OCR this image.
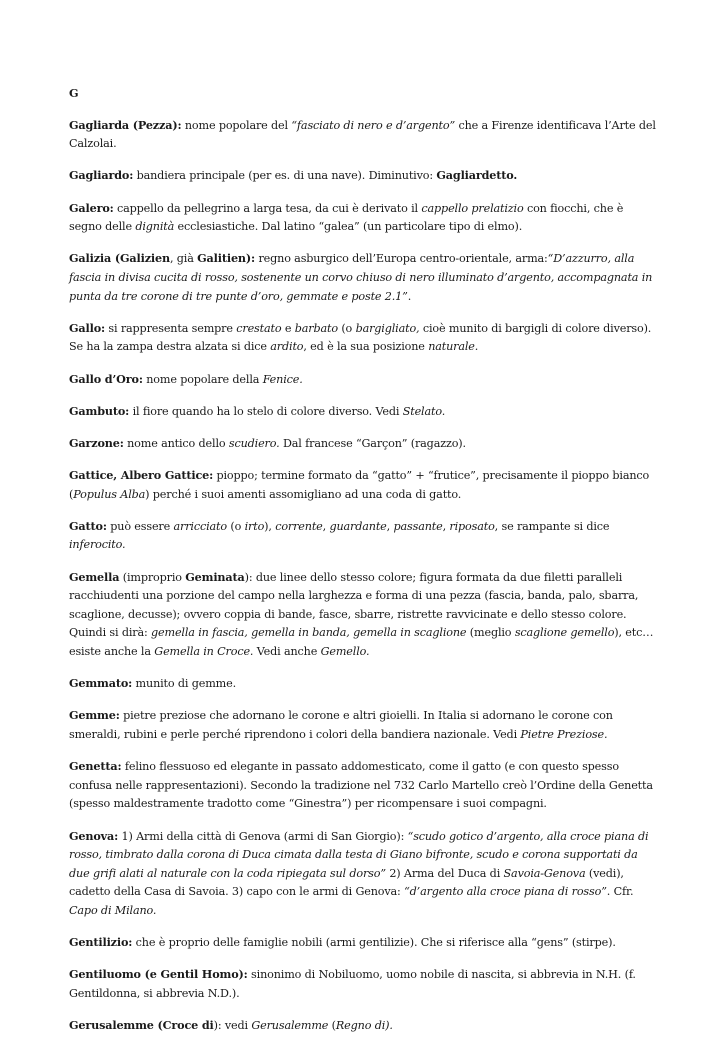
G

Gagliarda (Pezza): nome popolare del “fasciato di nero e d’argento” che a Firenze identificava l’Arte del Calzolai.

Gagliardo: bandiera principale (per es. di una nave). Diminutivo: Gagliardetto.

Galero: cappello da pellegrino a larga tesa, da cui è derivato il cappello prelatizio con fiocchi, che è segno delle dignità ecclesiastiche. Dal latino “galea” (un particolare tipo di elmo).

Galizia (Galizien, già Galitien): regno asburgico dell’Europa centro-orientale, arma:“D’azzurro, alla fascia in divisa cucita di rosso, sostenente un corvo chiuso di nero illuminato d’argento, accompagnata in punta da tre corone di tre punte d’oro, gemmate e poste 2.1”.

Gallo: si rappresenta sempre crestato e barbato (o bargigliato, cioè munito di bargigli di colore diverso). Se ha la zampa destra alzata si dice ardito, ed è la sua posizione naturale.

Gallo d’Oro: nome popolare della Fenice.

Gambuto: il fiore quando ha lo stelo di colore diverso. Vedi Stelato.

Garzone: nome antico dello scudiero. Dal francese “Garçon” (ragazzo).

Gattice, Albero Gattice: pioppo; termine formato da “gatto” + “frutice”, precisamente il pioppo bianco (Populus Alba) perché i suoi amenti assomigliano ad una coda di gatto.

Gatto: può essere arricciato (o irto), corrente, guardante, passante, riposato, se rampante si dice inferocito.

Gemella (improprio Geminata): due linee dello stesso colore; figura formata da due filetti paralleli racchiudenti una porzione del campo nella larghezza e forma di una pezza (fascia, banda, palo, sbarra, scaglione, decusse); ovvero coppia di bande, fasce, sbarre, ristrette ravvicinate e dello stesso colore. Quindi si dirà: gemella in fascia, gemella in banda, gemella in scaglione (meglio scaglione gemello), etc… esiste anche la Gemella in Croce. Vedi anche Gemello.

Gemmato: munito di gemme.

Gemme: pietre preziose che adornano le corone e altri gioielli. In Italia si adornano le corone con smeraldi, rubini e perle perché riprendono i colori della bandiera nazionale. Vedi Pietre Preziose.

Genetta: felino flessuoso ed elegante in passato addomesticato, come il gatto (e con questo spesso confusa nelle rappresentazioni). Secondo la tradizione nel 732 Carlo Martello creò l’Ordine della Genetta (spesso maldestramente tradotto come “Ginestra”) per ricompensare i suoi compagni.

Genova: 1) Armi della città di Genova (armi di San Giorgio): “scudo gotico d’argento, alla croce piana di rosso, timbrato dalla corona di Duca cimata dalla testa di Giano bifronte, scudo e corona supportati da due grifi alati al naturale con la coda ripiegata sul dorso” 2) Arma del Duca di Savoia-Genova (vedi), cadetto della Casa di Savoia. 3) capo con le armi di Genova: “d’argento alla croce piana di rosso”. Cfr. Capo di Milano.

Gentilizio: che è proprio delle famiglie nobili (armi gentilizie). Che si riferisce alla “gens” (stirpe).

Gentiluomo (e Gentil Homo): sinonimo di Nobiluomo, uomo nobile di nascita, si abbrevia in N.H. (f. Gentildonna, si abbrevia N.D.).

Gerusalemme (Croce di): vedi Gerusalemme (Regno di).
